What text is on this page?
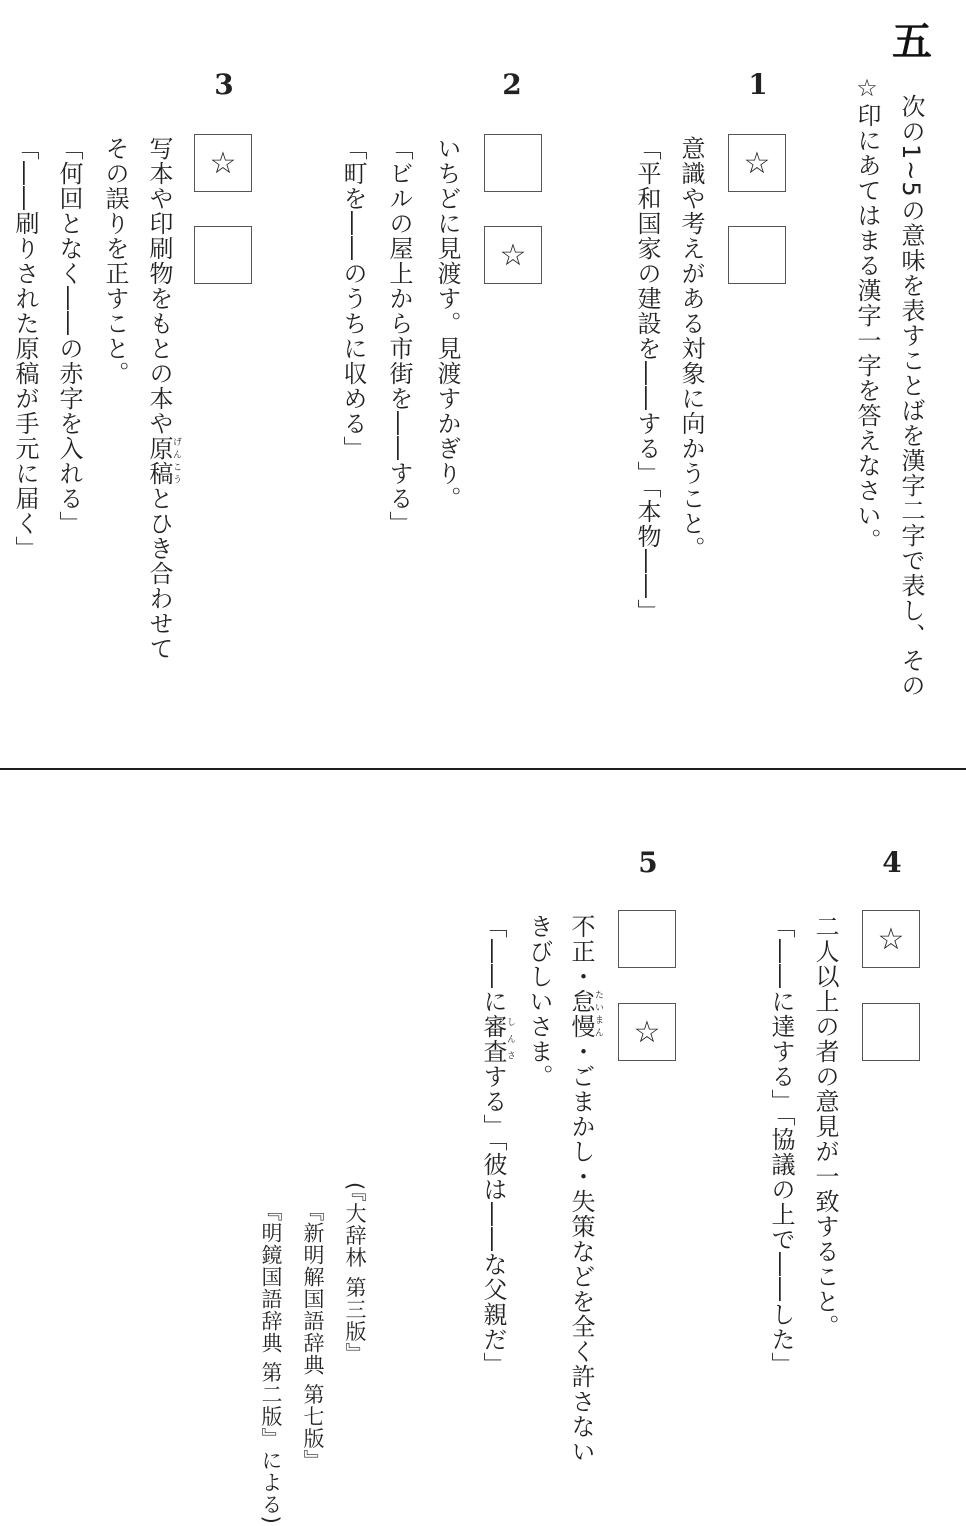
五
次の1~5の意味を表すことばを漢字二字で表し、その
☆印にあてはまる漢字一字を答えなさい。
1
☆
意識や考えがある対象に向かうこと。
「平和国家の建設を――する」「本物――」
2
☆
いちどに見渡す。見渡すかぎり。
「ビルの屋上から市街を――する」
「町を――のうちに収める」
3
☆
写本や印刷物をもとの本や原稿げんこうとひき合わせて
その誤りを正すこと。
「何回となく――の赤字を入れる」
「――刷りされた原稿が手元に届く」
4
☆
二人以上の者の意見が一致すること。
「――に達する」「協議の上で――した」
5
☆
不正・怠慢たいまん・ごまかし・失策などを全く許さない
きびしいさま。
「――に審査しんさする」「彼は――な父親だ」
(『大辞林 第三版』
『新明解国語辞典 第七版』
『明鏡国語辞典 第二版』による)
